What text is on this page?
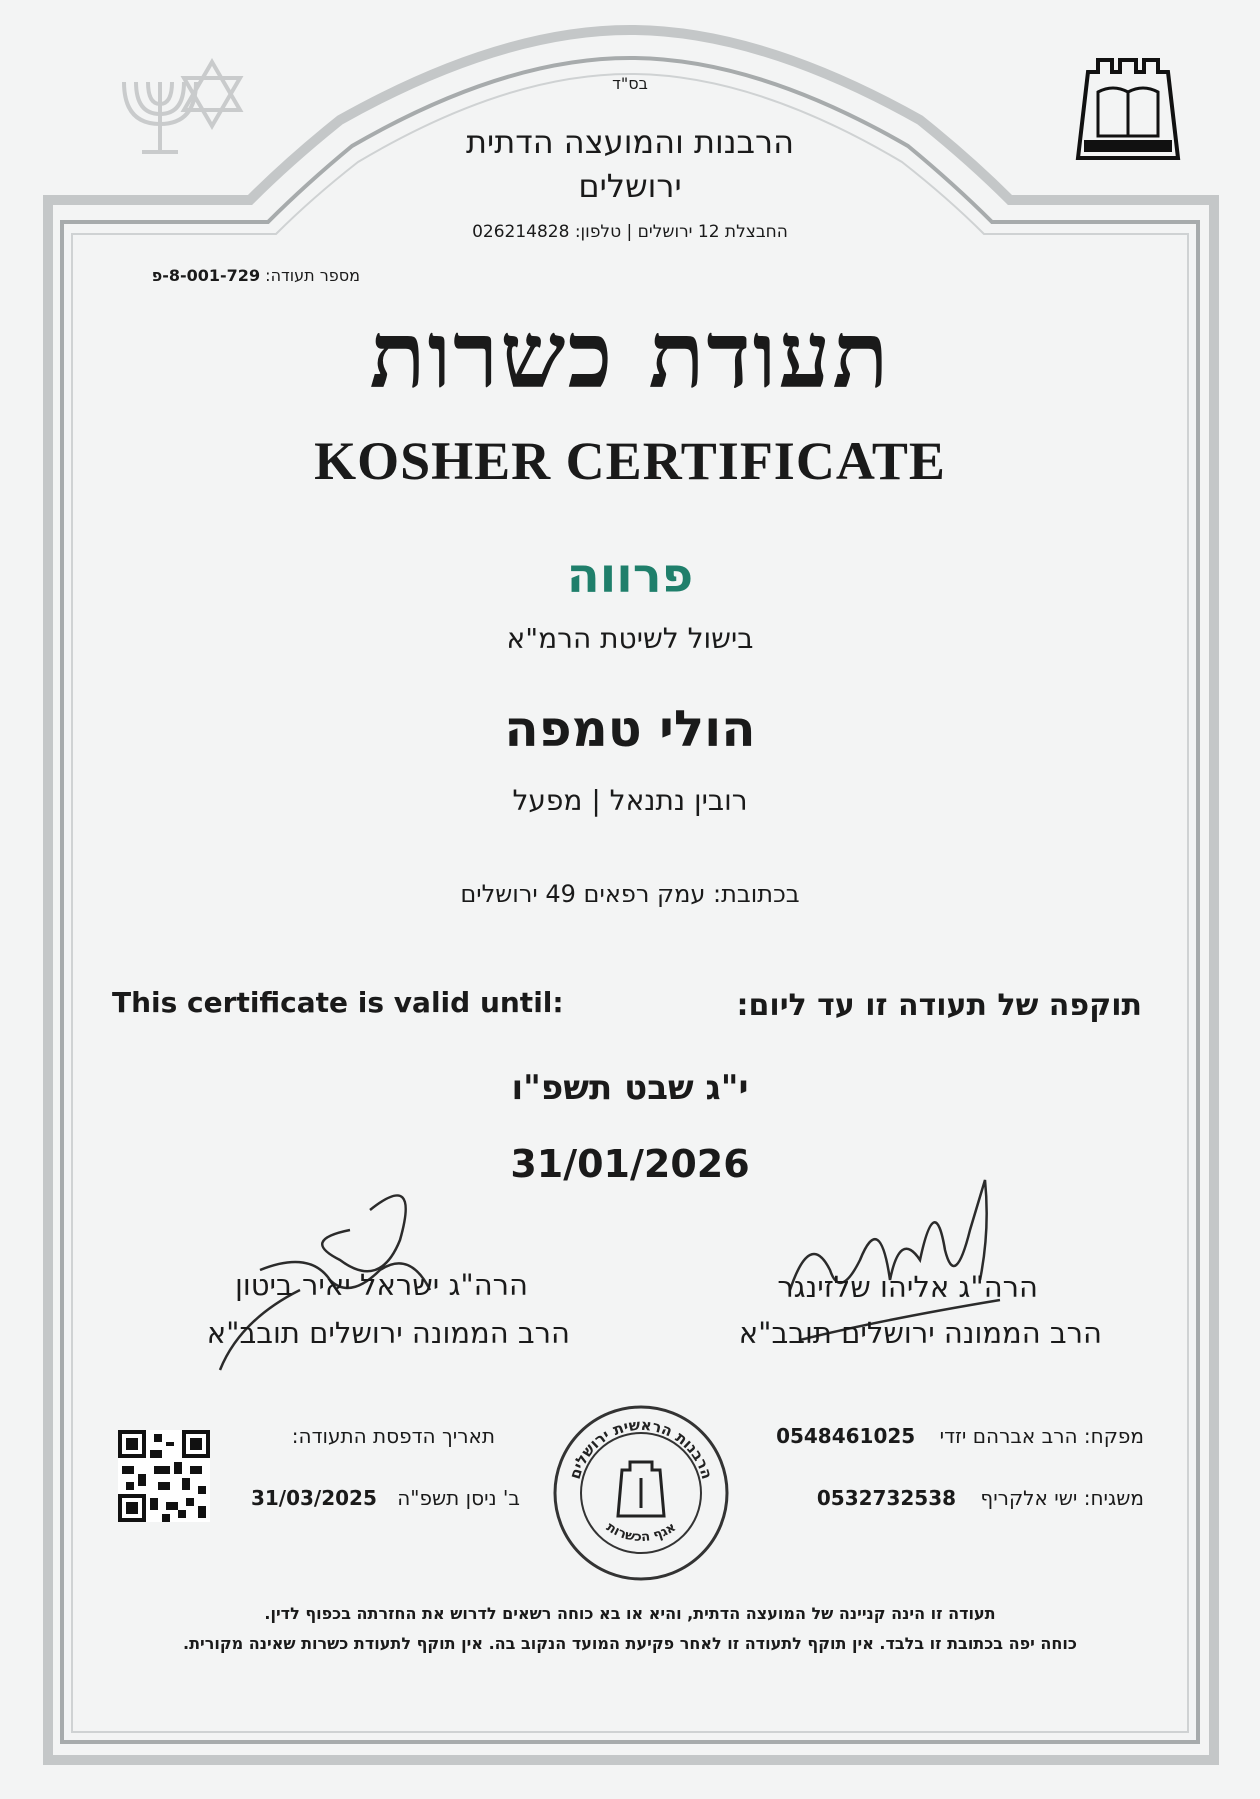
בס"ד
הרבנות והמועצה הדתית
ירושלים
החבצלת 12 ירושלים | טלפון: 026214828
מספר תעודה: 8-001-729-פ
תעודת כשרות
KOSHER CERTIFICATE
פרווה
בישול לשיטת הרמ"א
הולי טמפה
רובין נתנאל | מפעל
בכתובת: עמק רפאים 49 ירושלים
This certificate is valid until:	תוקפה של תעודה זו עד ליום:
י"ג שבט תשפ"ו
31/01/2026
הרה"ג אליהו שלזינגר
הרב הממונה ירושלים תובב"א
הרה"ג ישראל יאיר ביטון
הרב הממונה ירושלים תובב"א
מפקח: הרב אברהם יזדי 0548461025
משגיח: ישי אלקריף 0532732538
תאריך הדפסת התעודה:
ב' ניסן תשפ"ה 31/03/2025
הרבנות הראשית ירושלים
אגף הכשרות
תעודה זו הינה קניינה של המועצה הדתית, והיא או בא כוחה רשאים לדרוש את החזרתה בכפוף לדין.
כוחה יפה בכתובת זו בלבד. אין תוקף לתעודה זו לאחר פקיעת המועד הנקוב בה. אין תוקף לתעודת כשרות שאינה מקורית.
